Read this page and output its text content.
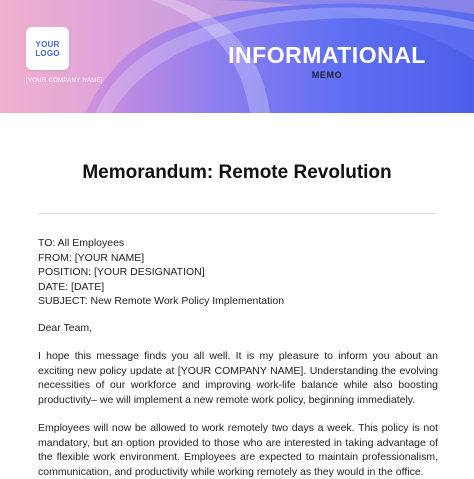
YOUR
LOGO
[YOUR COMPANY NAME]
INFORMATIONAL
MEMO
Memorandum: Remote Revolution
TO: All Employees
FROM: [YOUR NAME]
POSITION: [YOUR DESIGNATION]
DATE: [DATE]
SUBJECT: New Remote Work Policy Implementation

Dear Team,

I hope this message finds you all well. It is my pleasure to inform you about an exciting new policy update at [YOUR COMPANY NAME]. Understanding the evolving necessities of our workforce and improving work-life balance while also boosting productivity– we will implement a new remote work policy, beginning immediately.

Employees will now be allowed to work remotely two days a week. This policy is not mandatory, but an option provided to those who are interested in taking advantage of the flexible work environment. Employees are expected to maintain professionalism, communication, and productivity while working remotely as they would in the office.
